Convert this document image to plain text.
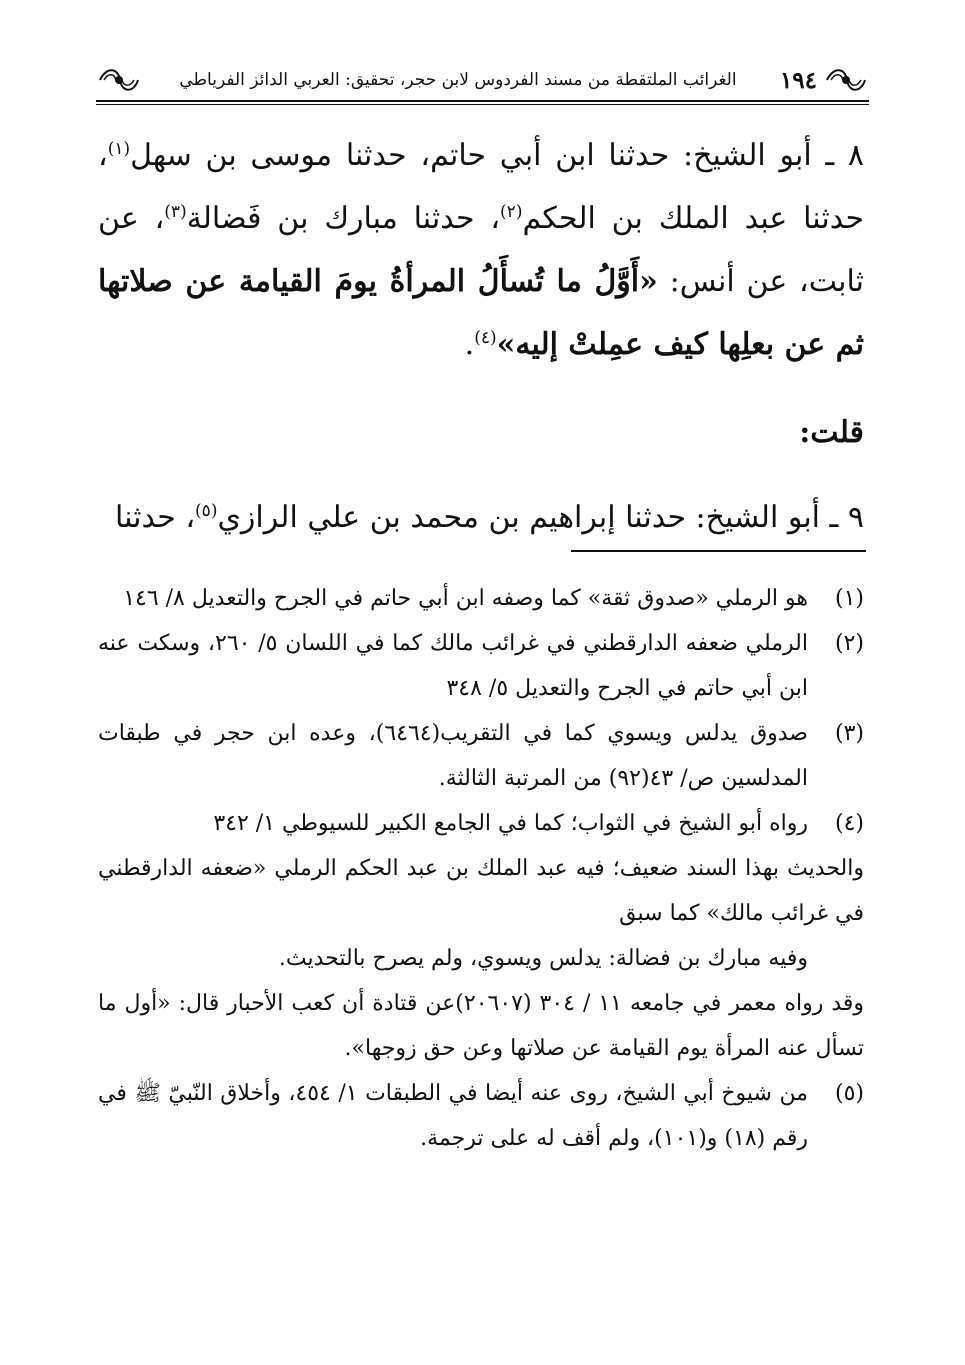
١٩٤
الغرائب الملتقطة من مسند الفردوس لابن حجر، تحقيق: العربي الدائز الفرياطي

٨ ـ أبو الشيخ: حدثنا ابن أبي حاتم، حدثنا موسى بن سهل$^{(١)}$، حدثنا عبد الملك بن الحكم$^{(٢)}$، حدثنا مبارك بن فَضالة$^{(٣)}$، عن ثابت، عن أنس: «أَوَّلُ ما تُسأَلُ المرأةُ يومَ القيامة عن صلاتها ثم عن بعلِها كيف عمِلتْ إليه»$^{(٤)}$.

قلت:

٩ ـ أبو الشيخ: حدثنا إبراهيم بن محمد بن علي الرازي$^{(٥)}$، حدثنا

(١)
هو الرملي «صدوق ثقة» كما وصفه ابن أبي حاتم في الجرح والتعديل ٨/ ١٤٦
(٢)
الرملي ضعفه الدارقطني في غرائب مالك كما في اللسان ٥/ ٢٦٠، وسكت عنه ابن أبي حاتم في الجرح والتعديل ٥/ ٣٤٨
(٣)
صدوق يدلس ويسوي كما في التقريب(٦٤٦٤)، وعده ابن حجر في طبقات المدلسين ص/ ٤٣(٩٢) من المرتبة الثالثة.
(٤)
رواه أبو الشيخ في الثواب؛ كما في الجامع الكبير للسيوطي ١/ ٣٤٢
والحديث بهذا السند ضعيف؛ فيه عبد الملك بن عبد الحكم الرملي «ضعفه الدارقطني في غرائب مالك» كما سبق
وفيه مبارك بن فضالة: يدلس ويسوي، ولم يصرح بالتحديث.
وقد رواه معمر في جامعه ١١ / ٣٠٤ (٢٠٦٠٧)عن قتادة أن كعب الأحبار قال: «أول ما تسأل عنه المرأة يوم القيامة عن صلاتها وعن حق زوجها».
(٥)
من شيوخ أبي الشيخ، روى عنه أيضا في الطبقات ١/ ٤٥٤، وأخلاق النّبيّ ﷺ في رقم (١٨) و(١٠١)، ولم أقف له على ترجمة.
